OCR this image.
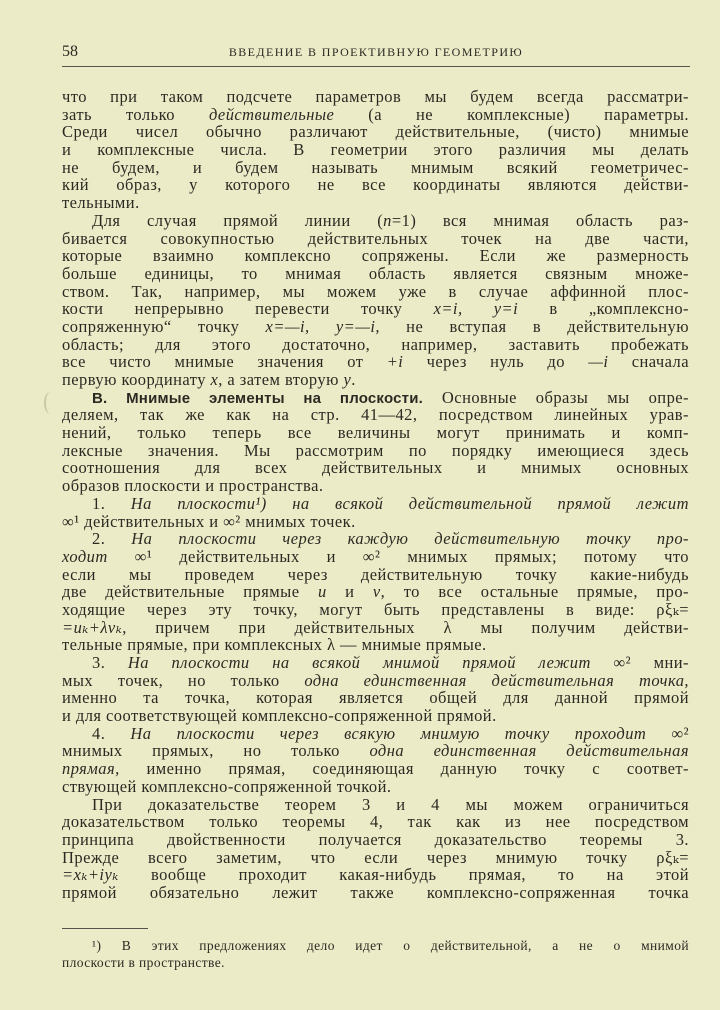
58	ВВЕДЕНИЕ В ПРОЕКТИВНУЮ ГЕОМЕТРИЮ
что при таком подсчете параметров мы будем всегда рассматри-
зать только действительные (а не комплексные) параметры.
Среди чисел обычно различают действительные, (чисто) мнимые
и комплексные числа. В геометрии этого различия мы делать
не будем, и будем называть мнимым всякий геометричес-
кий образ, у которого не все координаты являются действи-
тельными.
Для случая прямой линии (n=1) вся мнимая область раз-
бивается совокупностью действительных точек на две части,
которые взаимно комплексно сопряжены. Если же размерность
больше единицы, то мнимая область является связным множе-
ством. Так, например, мы можем уже в случае аффинной плос-
кости непрерывно перевести точку x=i, y=i в „комплексно-
сопряженную“ точку x=—i, y=—i, не вступая в действительную
область; для этого достаточно, например, заставить пробежать
все чисто мнимые значения от +i через нуль до —i сначала
первую координату x, а затем вторую y.
В. Мнимые элементы на плоскости. Основные образы мы опре-
деляем, так же как на стр. 41—42, посредством линейных урав-
нений, только теперь все величины могут принимать и комп-
лексные значения. Мы рассмотрим по порядку имеющиеся здесь
соотношения для всех действительных и мнимых основных
образов плоскости и пространства.
1. На плоскости¹) на всякой действительной прямой лежит
∞¹ действительных и ∞² мнимых точек.
2. На плоскости через каждую действительную точку про-
ходит ∞¹ действительных и ∞² мнимых прямых; потому что
если мы проведем через действительную точку какие-нибудь
две действительные прямые u и v, то все остальные прямые, про-
ходящие через эту точку, могут быть представлены в виде: ρξₖ=
=uₖ+λvₖ, причем при действительных λ мы получим действи-
тельные прямые, при комплексных λ — мнимые прямые.
3. На плоскости на всякой мнимой прямой лежит ∞² мни-
мых точек, но только одна единственная действительная точка,
именно та точка, которая является общей для данной прямой
и для соответствующей комплексно-сопряженной прямой.
4. На плоскости через всякую мнимую точку проходит ∞²
мнимых прямых, но только одна единственная действительная
прямая, именно прямая, соединяющая данную точку с соответ-
ствующей комплексно-сопряженной точкой.
При доказательстве теорем 3 и 4 мы можем ограничиться
доказательством только теоремы 4, так как из нее посредством
принципа двойственности получается доказательство теоремы 3.
Прежде всего заметим, что если через мнимую точку ρξₖ=
=xₖ+iyₖ вообще проходит какая-нибудь прямая, то на этой
прямой обязательно лежит также комплексно-сопряженная точка
¹) В этих предложениях дело идет о действительной, а не о мнимой
плоскости в пространстве.
